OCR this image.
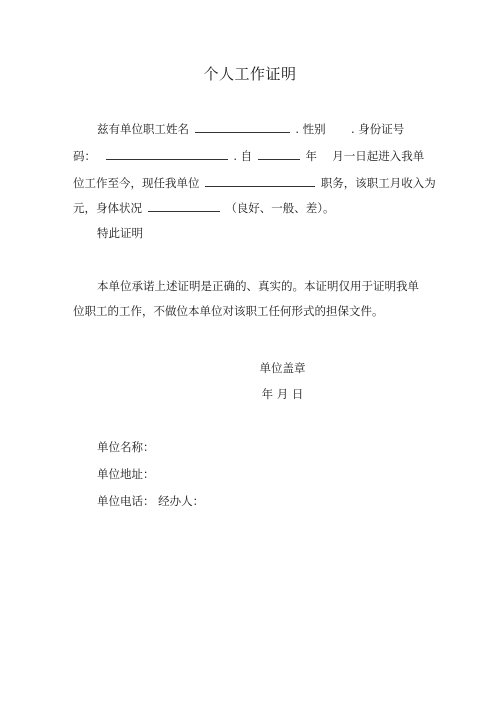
个人工作证明
兹有单位职工姓名	. 性别 . 身份证号
码：	. 自	年 月一日起进入我单
位工作至今，现任我单位	职务，该职工月收入为
元，身体状况	（良好、一般、差）。
特此证明
本单位承诺上述证明是正确的、真实的。本证明仅用于证明我单
位职工的工作，不做位本单位对该职工任何形式的担保文件。
单位盖章
年 月 日
单位名称：
单位地址：
单位电话： 经办人：
